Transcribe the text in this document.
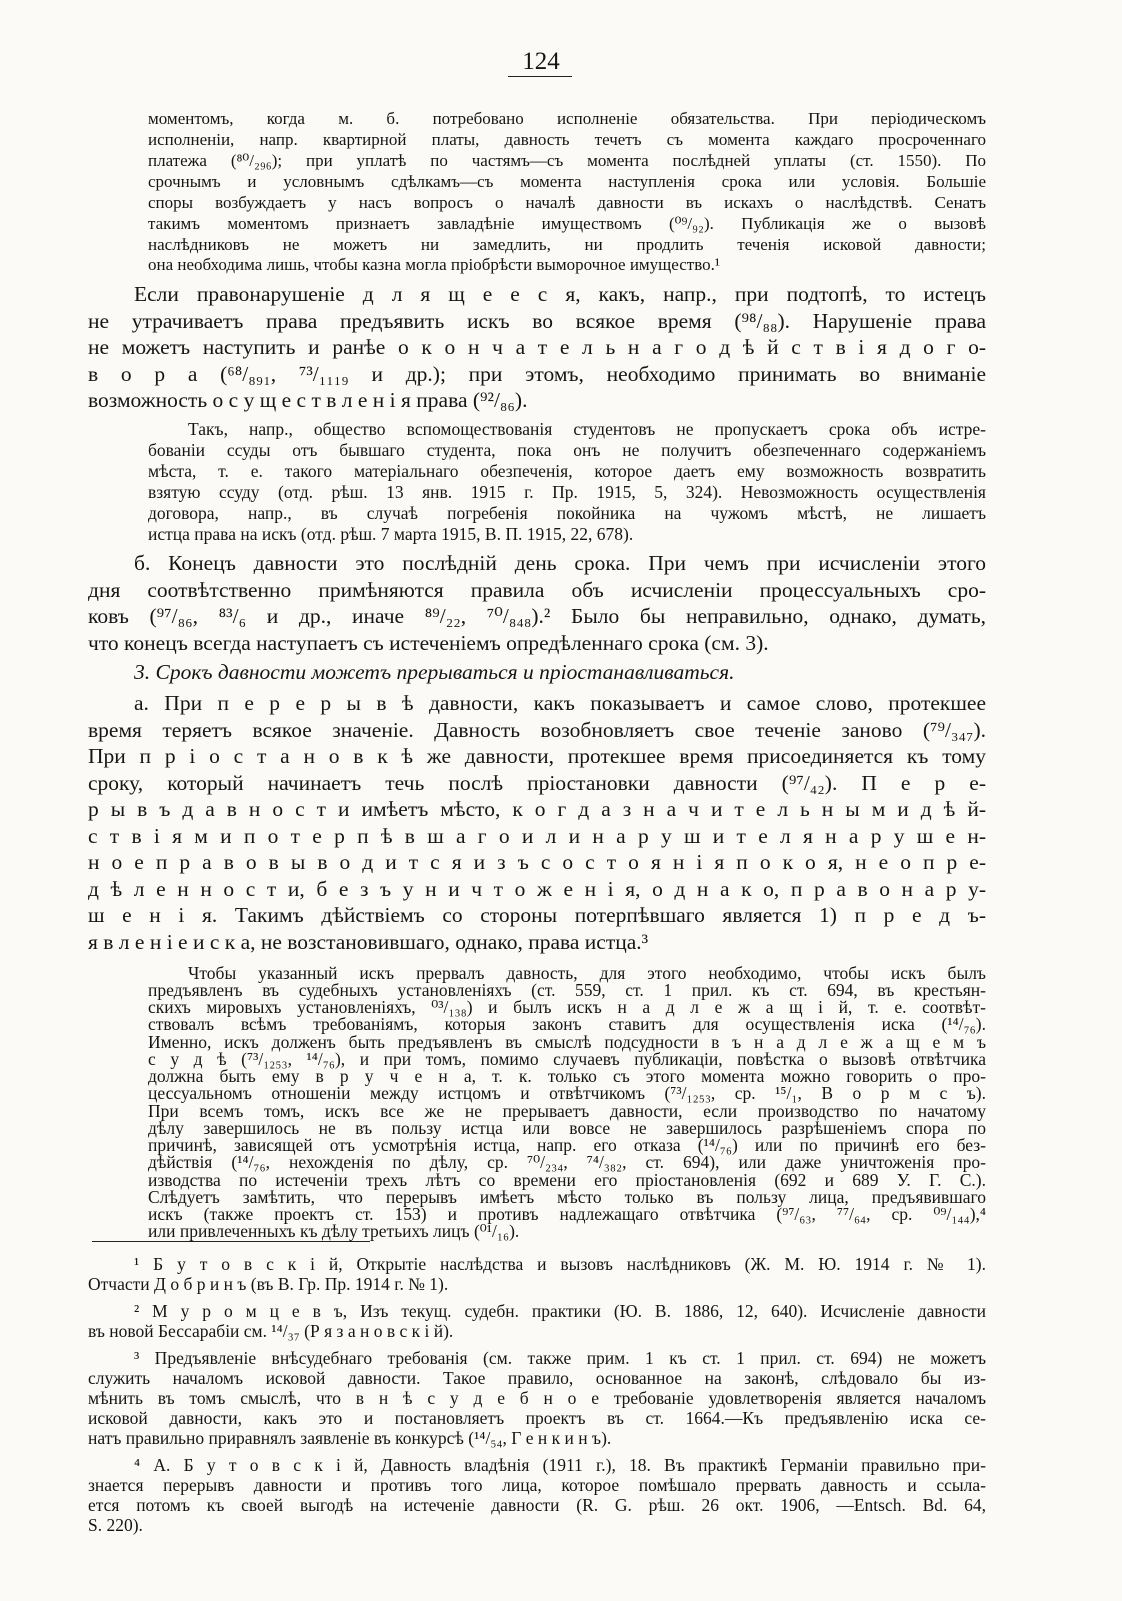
124
моментомъ, когда м. б. потребовано исполненіе обязательства. При періодическомъ
исполненіи, напр. квартирной платы, давность течетъ съ момента каждаго просроченнаго
платежа (⁸⁰/₂₉₆); при уплатѣ по частямъ—съ момента послѣдней уплаты (ст. 1550). По
срочнымъ и условнымъ сдѣлкамъ—съ момента наступленія срока или условія. Большіе
споры возбуждаетъ у насъ вопросъ о началѣ давности въ искахъ о наслѣдствѣ. Сенатъ
такимъ моментомъ признаетъ завладѣніе имуществомъ (⁰⁹/₉₂). Публикація же о вызовѣ
наслѣдниковъ не можетъ ни замедлить, ни продлить теченія исковой давности;
она необходима лишь, чтобы казна могла пріобрѣсти выморочное имущество.¹
Если правонарушеніе д л я щ е е с я, какъ, напр., при подтопѣ, то истецъ
не утрачиваетъ права предъявить искъ во всякое время (⁹⁸/₈₈). Нарушеніе права
не можетъ наступить и ранѣе о к о н ч а т е л ь н а г о д ѣ й с т в і я д о г о-
в о р а (⁶⁸/₈₉₁, ⁷³/₁₁₁₉ и др.); при этомъ, необходимо принимать во вниманіе
возможность о с у щ е с т в л е н і я права (⁹²/₈₆).
Такъ, напр., общество вспомоществованія студентовъ не пропускаетъ срока объ истре-
бованіи ссуды отъ бывшаго студента, пока онъ не получитъ обезпеченнаго содержаніемъ
мѣста, т. е. такого матеріальнаго обезпеченія, которое даетъ ему возможность возвратить
взятую ссуду (отд. рѣш. 13 янв. 1915 г. Пр. 1915, 5, 324). Невозможность осуществленія
договора, напр., въ случаѣ погребенія покойника на чужомъ мѣстѣ, не лишаетъ
истца права на искъ (отд. рѣш. 7 марта 1915, В. П. 1915, 22, 678).
б. Конецъ давности это послѣдній день срока. При чемъ при исчисленіи этого
дня соотвѣтственно примѣняются правила объ исчисленіи процессуальныхъ сро-
ковъ (⁹⁷/₈₆, ⁸³/₆ и др., иначе ⁸⁹/₂₂, ⁷⁰/₈₄₈).² Было бы неправильно, однако, думать,
что конецъ всегда наступаетъ съ истеченіемъ опредѣленнаго срока (см. 3).
3. Срокъ давности можетъ прерываться и пріостанавливаться.
а. При п е р е р ы в ѣ давности, какъ показываетъ и самое слово, протекшее
время теряетъ всякое значеніе. Давность возобновляетъ свое теченіе заново (⁷⁹/₃₄₇).
При п р і о с т а н о в к ѣ же давности, протекшее время присоединяется къ тому
сроку, который начинаетъ течь послѣ пріостановки давности (⁹⁷/₄₂). П е р е-
р ы в ъ д а в н о с т и имѣетъ мѣсто, к о г д а з н а ч и т е л ь н ы м и д ѣ й-
с т в і я м и п о т е р п ѣ в ш а г о и л и н а р у ш и т е л я н а р у ш е н-
н о е п р а в о в ы в о д и т с я и з ъ с о с т о я н і я п о к о я, н е о п р е-
д ѣ л е н н о с т и, б е з ъ у н и ч т о ж е н і я, о д н а к о, п р а в о н а р у-
ш е н і я. Такимъ дѣйствіемъ со стороны потерпѣвшаго является 1) п р е д ъ-
я в л е н і е и с к а, не возстановившаго, однако, права истца.³
Чтобы указанный искъ прервалъ давность, для этого необходимо, чтобы искъ былъ
предъявленъ въ судебныхъ установленіяхъ (ст. 559, ст. 1 прил. къ ст. 694, въ крестьян-
скихъ мировыхъ установленіяхъ, ⁰³/₁₃₈) и былъ искъ н а д л е ж а щ і й, т. е. соотвѣт-
ствовалъ всѣмъ требованіямъ, которыя законъ ставитъ для осуществленія иска (¹⁴/₇₆).
Именно, искъ долженъ быть предъявленъ въ смыслѣ подсудности в ъ н а д л е ж а щ е м ъ
с у д ѣ (⁷³/₁₂₅₃, ¹⁴/₇₆), и при томъ, помимо случаевъ публикаціи, повѣстка о вызовѣ отвѣтчика
должна быть ему в р у ч е н а, т. к. только съ этого момента можно говорить о про-
цессуальномъ отношеніи между истцомъ и отвѣтчикомъ (⁷³/₁₂₅₃, ср. ¹⁵/₁, В о р м с ъ).
При всемъ томъ, искъ все же не прерываетъ давности, если производство по начатому
дѣлу завершилось не въ пользу истца или вовсе не завершилось разрѣшеніемъ спора по
причинѣ, зависящей отъ усмотрѣнія истца, напр. его отказа (¹⁴/₇₆) или по причинѣ его без-
дѣйствія (¹⁴/₇₆, нехожденія по дѣлу, ср. ⁷⁰/₂₃₄, ⁷⁴/₃₈₂, ст. 694), или даже уничтоженія про-
изводства по истеченіи трехъ лѣтъ со времени его пріостановленія (692 и 689 У. Г. С.).
Слѣдуетъ замѣтить, что перерывъ имѣетъ мѣсто только въ пользу лица, предъявившаго
искъ (также проектъ ст. 153) и противъ надлежащаго отвѣтчика (⁹⁷/₆₃, ⁷⁷/₆₄, ср. ⁰⁹/₁₄₄),⁴
или привлеченныхъ къ дѣлу третьихъ лицъ (⁰¹/₁₆).
¹ Б у т о в с к і й, Открытіе наслѣдства и вызовъ наслѣдниковъ (Ж. М. Ю. 1914 г. № 1).
Отчасти Д о б р и н ъ (въ В. Гр. Пр. 1914 г. № 1).
² М у р о м ц е в ъ, Изъ текущ. судебн. практики (Ю. В. 1886, 12, 640). Исчисленіе давности
въ новой Бессарабіи см. ¹⁴/₃₇ (Р я з а н о в с к і й).
³ Предъявленіе внѣсудебнаго требованія (см. также прим. 1 къ ст. 1 прил. ст. 694) не можетъ
служить началомъ исковой давности. Такое правило, основанное на законѣ, слѣдовало бы из-
мѣнить въ томъ смыслѣ, что в н ѣ с у д е б н о е требованіе удовлетворенія является началомъ
исковой давности, какъ это и постановляетъ проектъ въ ст. 1664.—Къ предъявленію иска се-
натъ правильно приравнялъ заявленіе въ конкурсѣ (¹⁴/₅₄, Г е н к и н ъ).
⁴ А. Б у т о в с к і й, Давность владѣнія (1911 г.), 18. Въ практикѣ Германіи правильно при-
знается перерывъ давности и противъ того лица, которое помѣшало прервать давность и ссыла-
ется потомъ къ своей выгодѣ на истеченіе давности (R. G. рѣш. 26 окт. 1906, —Entsch. Bd. 64,
S. 220).
